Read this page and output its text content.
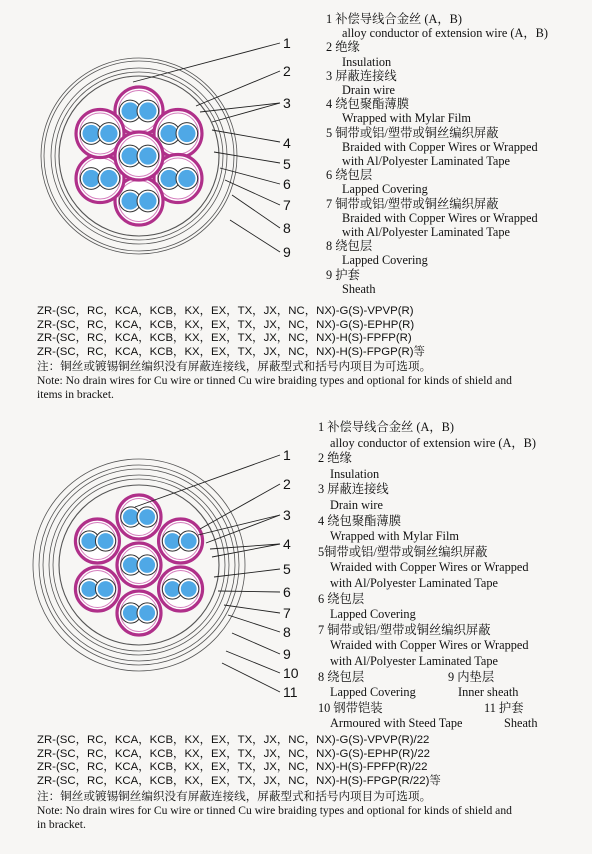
1
2
3
4
5
6
7
8
9
1 补偿导线合金丝 (A，B)
alloy conductor of extension wire (A，B)
2 绝缘
Insulation
3 屏蔽连接线
Drain wire
4 绕包聚酯薄膜
Wrapped with Mylar Film
5 铜带或铝/塑带或铜丝编织屏蔽
Braided with Copper Wires or Wrapped
with Al/Polyester Laminated Tape
6 绕包层
Lapped Covering
7 铜带或铝/塑带或铜丝编织屏蔽
Braided with Copper Wires or Wrapped
with Al/Polyester Laminated Tape
8 绕包层
Lapped Covering
9 护套
Sheath
ZR-(SC，RC，KCA，KCB，KX，EX，TX，JX，NC，NX)-G(S)-VPVP(R)
ZR-(SC，RC，KCA，KCB，KX，EX，TX，JX，NC，NX)-G(S)-EPHP(R)
ZR-(SC，RC，KCA，KCB，KX，EX，TX，JX，NC，NX)-H(S)-FPFP(R)
ZR-(SC，RC，KCA，KCB，KX，EX，TX，JX，NC，NX)-H(S)-FPGP(R)等
注：铜丝或镀锡铜丝编织没有屏蔽连接线，屏蔽型式和括号内项目为可选项。
Note: No drain wires for Cu wire or tinned Cu wire braiding types and optional for kinds of shield and
items in bracket.
1
2
3
4
5
6
7
8
9
10
11
1 补偿导线合金丝 (A，B)
alloy conductor of extension wire (A，B)
2 绝缘
Insulation
3 屏蔽连接线
Drain wire
4 绕包聚酯薄膜
Wrapped with Mylar Film
5铜带或铝/塑带或铜丝编织屏蔽
Wraided with Copper Wires or Wrapped
with Al/Polyester Laminated Tape
6 绕包层
Lapped Covering
7 铜带或铝/塑带或铜丝编织屏蔽
Wraided with Copper Wires or Wrapped
with Al/Polyester Laminated Tape
8 绕包层	9 内垫层
Lapped Covering	Inner sheath
10 钢带铠装	11 护套
Armoured with Steed Tape	Sheath
ZR-(SC，RC，KCA，KCB，KX，EX，TX，JX，NC，NX)-G(S)-VPVP(R)/22
ZR-(SC，RC，KCA，KCB，KX，EX，TX，JX，NC，NX)-G(S)-EPHP(R)/22
ZR-(SC，RC，KCA，KCB，KX，EX，TX，JX，NC，NX)-H(S)-FPFP(R)/22
ZR-(SC，RC，KCA，KCB，KX，EX，TX，JX，NC，NX)-H(S)-FPGP(R/22)等
注：铜丝或镀锡铜丝编织没有屏蔽连接线，屏蔽型式和括号内项目为可选项。
Note: No drain wires for Cu wire or tinned Cu wire braiding types and optional for kinds of shield and
in bracket.
